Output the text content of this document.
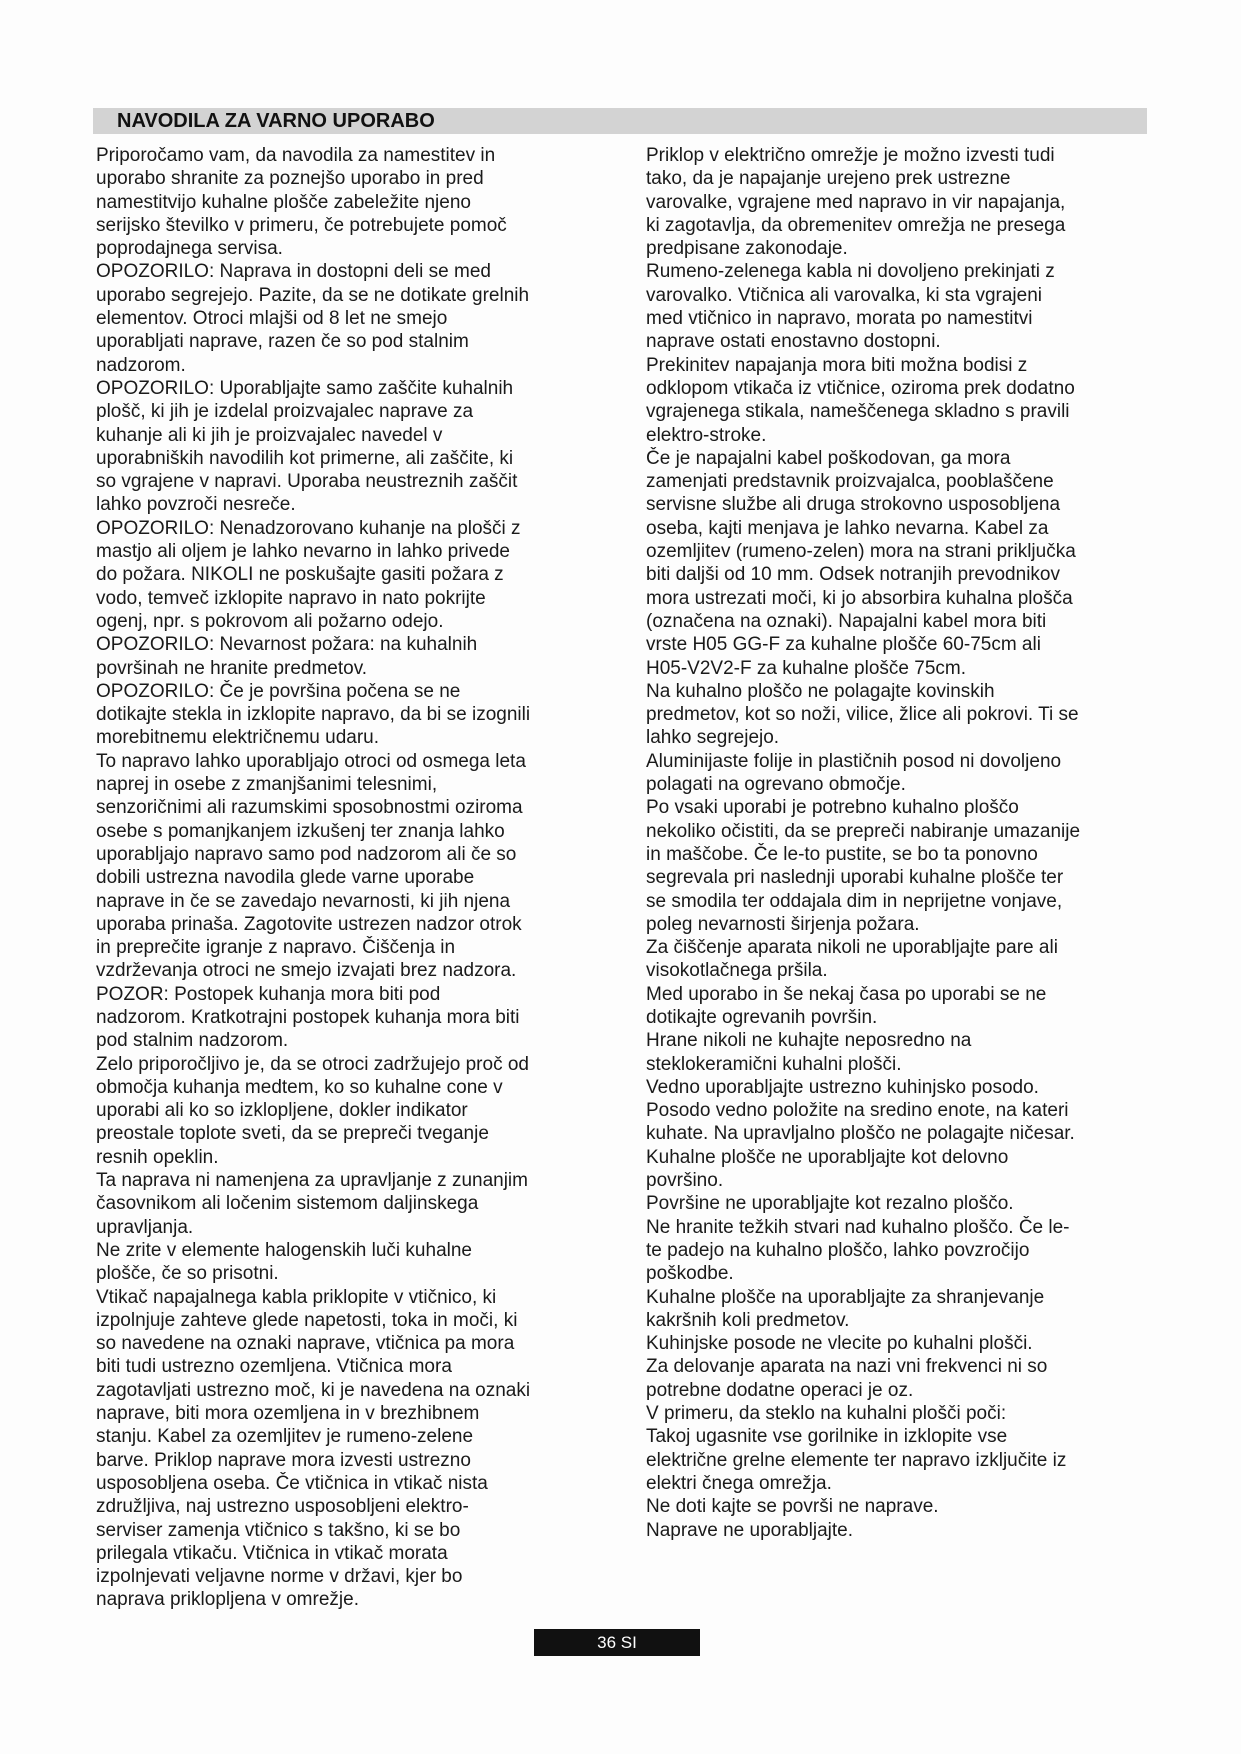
NAVODILA ZA VARNO UPORABO
Priporočamo vam, da navodila za namestitev in
uporabo shranite za poznejšo uporabo in pred
namestitvijo kuhalne plošče zabeležite njeno
serijsko številko v primeru, če potrebujete pomoč
poprodajnega servisa.
OPOZORILO: Naprava in dostopni deli se med
uporabo segrejejo. Pazite, da se ne dotikate grelnih
elementov. Otroci mlajši od 8 let ne smejo
uporabljati naprave, razen če so pod stalnim
nadzorom.
OPOZORILO: Uporabljajte samo zaščite kuhalnih
plošč, ki jih je izdelal proizvajalec naprave za
kuhanje ali ki jih je proizvajalec navedel v
uporabniških navodilih kot primerne, ali zaščite, ki
so vgrajene v napravi. Uporaba neustreznih zaščit
lahko povzroči nesreče.
OPOZORILO: Nenadzorovano kuhanje na plošči z
mastjo ali oljem je lahko nevarno in lahko privede
do požara. NIKOLI ne poskušajte gasiti požara z
vodo, temveč izklopite napravo in nato pokrijte
ogenj, npr. s pokrovom ali požarno odejo.
OPOZORILO: Nevarnost požara: na kuhalnih
površinah ne hranite predmetov.
OPOZORILO: Če je površina počena se ne
dotikajte stekla in izklopite napravo, da bi se izognili
morebitnemu električnemu udaru.
To napravo lahko uporabljajo otroci od osmega leta
naprej in osebe z zmanjšanimi telesnimi,
senzoričnimi ali razumskimi sposobnostmi oziroma
osebe s pomanjkanjem izkušenj ter znanja lahko
uporabljajo napravo samo pod nadzorom ali če so
dobili ustrezna navodila glede varne uporabe
naprave in če se zavedajo nevarnosti, ki jih njena
uporaba prinaša. Zagotovite ustrezen nadzor otrok
in preprečite igranje z napravo. Čiščenja in
vzdrževanja otroci ne smejo izvajati brez nadzora.
POZOR: Postopek kuhanja mora biti pod
nadzorom. Kratkotrajni postopek kuhanja mora biti
pod stalnim nadzorom.
Zelo priporočljivo je, da se otroci zadržujejo proč od
območja kuhanja medtem, ko so kuhalne cone v
uporabi ali ko so izklopljene, dokler indikator
preostale toplote sveti, da se prepreči tveganje
resnih opeklin.
Ta naprava ni namenjena za upravljanje z zunanjim
časovnikom ali ločenim sistemom daljinskega
upravljanja.
Ne zrite v elemente halogenskih luči kuhalne
plošče, če so prisotni.
Vtikač napajalnega kabla priklopite v vtičnico, ki
izpolnjuje zahteve glede napetosti, toka in moči, ki
so navedene na oznaki naprave, vtičnica pa mora
biti tudi ustrezno ozemljena. Vtičnica mora
zagotavljati ustrezno moč, ki je navedena na oznaki
naprave, biti mora ozemljena in v brezhibnem
stanju. Kabel za ozemljitev je rumeno-zelene
barve. Priklop naprave mora izvesti ustrezno
usposobljena oseba. Če vtičnica in vtikač nista
združljiva, naj ustrezno usposobljeni elektro-
serviser zamenja vtičnico s takšno, ki se bo
prilegala vtikaču. Vtičnica in vtikač morata
izpolnjevati veljavne norme v državi, kjer bo
naprava priklopljena v omrežje.
Priklop v električno omrežje je možno izvesti tudi
tako, da je napajanje urejeno prek ustrezne
varovalke, vgrajene med napravo in vir napajanja,
ki zagotavlja, da obremenitev omrežja ne presega
predpisane zakonodaje.
Rumeno-zelenega kabla ni dovoljeno prekinjati z
varovalko. Vtičnica ali varovalka, ki sta vgrajeni
med vtičnico in napravo, morata po namestitvi
naprave ostati enostavno dostopni.
Prekinitev napajanja mora biti možna bodisi z
odklopom vtikača iz vtičnice, oziroma prek dodatno
vgrajenega stikala, nameščenega skladno s pravili
elektro-stroke.
Če je napajalni kabel poškodovan, ga mora
zamenjati predstavnik proizvajalca, pooblaščene
servisne službe ali druga strokovno usposobljena
oseba, kajti menjava je lahko nevarna. Kabel za
ozemljitev (rumeno-zelen) mora na strani priključka
biti daljši od 10 mm. Odsek notranjih prevodnikov
mora ustrezati moči, ki jo absorbira kuhalna plošča
(označena na oznaki). Napajalni kabel mora biti
vrste H05 GG-F za kuhalne plošče 60-75cm ali
H05-V2V2-F za kuhalne plošče 75cm.
Na kuhalno ploščo ne polagajte kovinskih
predmetov, kot so noži, vilice, žlice ali pokrovi. Ti se
lahko segrejejo.
Aluminijaste folije in plastičnih posod ni dovoljeno
polagati na ogrevano območje.
Po vsaki uporabi je potrebno kuhalno ploščo
nekoliko očistiti, da se prepreči nabiranje umazanije
in maščobe. Če le-to pustite, se bo ta ponovno
segrevala pri naslednji uporabi kuhalne plošče ter
se smodila ter oddajala dim in neprijetne vonjave,
poleg nevarnosti širjenja požara.
Za čiščenje aparata nikoli ne uporabljajte pare ali
visokotlačnega pršila.
Med uporabo in še nekaj časa po uporabi se ne
dotikajte ogrevanih površin.
Hrane nikoli ne kuhajte neposredno na
steklokeramični kuhalni plošči.
Vedno uporabljajte ustrezno kuhinjsko posodo.
Posodo vedno položite na sredino enote, na kateri
kuhate. Na upravljalno ploščo ne polagajte ničesar.
Kuhalne plošče ne uporabljajte kot delovno
površino.
Površine ne uporabljajte kot rezalno ploščo.
Ne hranite težkih stvari nad kuhalno ploščo. Če le-
te padejo na kuhalno ploščo, lahko povzročijo
poškodbe.
Kuhalne plošče na uporabljajte za shranjevanje
kakršnih koli predmetov.
Kuhinjske posode ne vlecite po kuhalni plošči.
Za delovanje aparata na nazi vni frekvenci ni so
potrebne dodatne operaci je oz.
V primeru, da steklo na kuhalni plošči poči:
Takoj ugasnite vse gorilnike in izklopite vse
električne grelne elemente ter napravo izključite iz
elektri čnega omrežja.
Ne doti kajte se površi ne naprave.
Naprave ne uporabljajte.
36 SI
